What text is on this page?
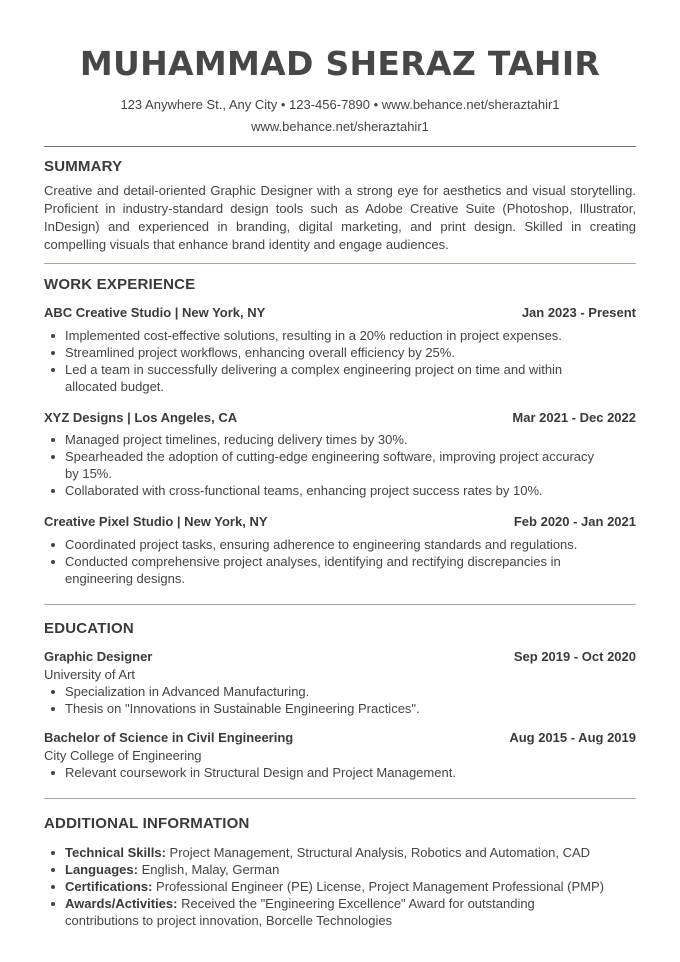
MUHAMMAD SHERAZ TAHIR
123 Anywhere St., Any City • 123-456-7890 • www.behance.net/sheraztahir1
www.behance.net/sheraztahir1
SUMMARY
Creative and detail-oriented Graphic Designer with a strong eye for aesthetics and visual storytelling. Proficient in industry-standard design tools such as Adobe Creative Suite (Photoshop, Illustrator, InDesign) and experienced in branding, digital marketing, and print design. Skilled in creating compelling visuals that enhance brand identity and engage audiences.
WORK EXPERIENCE
ABC Creative Studio | New York, NY	Jan 2023 - Present
Implemented cost-effective solutions, resulting in a 20% reduction in project expenses.
Streamlined project workflows, enhancing overall efficiency by 25%.
Led a team in successfully delivering a complex engineering project on time and within allocated budget.
XYZ Designs | Los Angeles, CA	Mar 2021 - Dec 2022
Managed project timelines, reducing delivery times by 30%.
Spearheaded the adoption of cutting-edge engineering software, improving project accuracy by 15%.
Collaborated with cross-functional teams, enhancing project success rates by 10%.
Creative Pixel Studio | New York, NY	Feb 2020 - Jan 2021
Coordinated project tasks, ensuring adherence to engineering standards and regulations.
Conducted comprehensive project analyses, identifying and rectifying discrepancies in engineering designs.
EDUCATION
Graphic Designer	Sep 2019 - Oct 2020
University of Art
Specialization in Advanced Manufacturing.
Thesis on "Innovations in Sustainable Engineering Practices".
Bachelor of Science in Civil Engineering	Aug 2015 - Aug 2019
City College of Engineering
Relevant coursework in Structural Design and Project Management.
ADDITIONAL INFORMATION
Technical Skills: Project Management, Structural Analysis, Robotics and Automation, CAD
Languages: English, Malay, German
Certifications: Professional Engineer (PE) License, Project Management Professional (PMP)
Awards/Activities: Received the "Engineering Excellence" Award for outstanding contributions to project innovation, Borcelle Technologies
